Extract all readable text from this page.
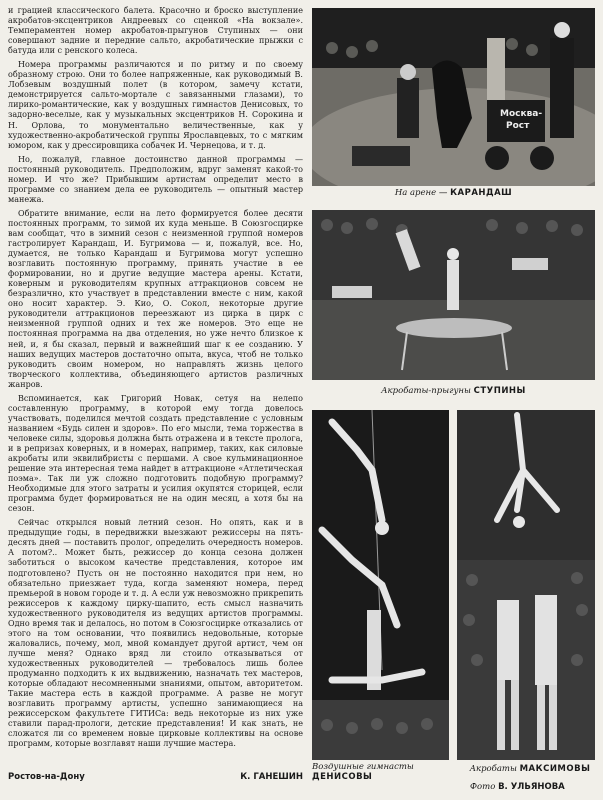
и грацией классического балета. Красочно и броско выступление акробатов-эксцентриков Андреевых со сценкой «На вокзале». Темпераментен номер акробатов-прыгунов Ступиных — они совершают задние и передние сальто, акробатические прыжки с батуда или с ренского колеса.

Номера программы различаются и по ритму и по своему образному строю. Они то более напряженные, как руководимый В. Лобзевым воздушный полет (в котором, замечу кстати, демонстрируется сальто-мортале с завязанными глазами), то лирико-романтические, как у воздушных гимнастов Денисовых, то задорно-веселые, как у музыкальных эксцентриков Н. Сорокина и Н. Орлова, то монументально величественные, как у художественно-акробатической группы Ярославцевых, то с мягким юмором, как у дрессировщика собачек И. Чернецова, и т. д.

Но, пожалуй, главное достоинство данной программы — постоянный руководитель. Предположим, вдруг заменят какой-то номер. И что же? Прибывшим артистам определит место в программе со знанием дела ее руководитель — опытный мастер манежа.

Обратите внимание, если на лето формируется более десяти постоянных программ, то зимой их куда меньше. В Союзгосцирке вам сообщат, что в зимний сезон с неизменной группой номеров гастролирует Карандаш, И. Бугримова — и, пожалуй, все. Но, думается, не только Карандаш и Бугримова могут успешно возглавить постоянную программу, принять участие в ее формировании, но и другие ведущие мастера арены. Кстати, коверным и руководителям крупных аттракционов совсем не безразлично, кто участвует в представлении вместе с ним, какой оно носит характер. Э. Кио, О. Сокол, некоторые другие руководители аттракционов переезжают из цирка в цирк с неизменной группой одних и тех же номеров. Это еще не постоянная программа на два отделения, но уже нечто близкое к ней, и, я бы сказал, первый и важнейший шаг к ее созданию. У наших ведущих мастеров достаточно опыта, вкуса, чтоб не только руководить своим номером, но направлять жизнь целого творческого коллектива, объединяющего артистов различных жанров.

Вспоминается, как Григорий Новак, сетуя на нелепо составленную программу, в которой ему тогда довелось участвовать, поделился мечтой создать представление с условным названием «Будь силен и здоров». По его мысли, тема торжества в человеке силы, здоровья должна быть отражена и в тексте пролога, и в репризах коверных, и в номерах, например, таких, как силовые акробаты или эквилибристы с першами. А свое кульминационное решение эта интересная тема найдет в аттракционе «Атлетическая поэма». Так ли уж сложно подготовить подобную программу? Необходимые для этого затраты и усилия окупятся сторицей, если программа будет формироваться не на один месяц, а хотя бы на сезон.

Сейчас открылся новый летний сезон. Но опять, как и в предыдущие годы, в передвижки выезжают режиссеры на пять-десять дней — поставить пролог, определить очередность номеров. А потом?.. Может быть, режиссер до конца сезона должен заботиться о высоком качестве представления, которое им подготовлено? Пусть он не постоянно находится при нем, но обязательно приезжает туда, когда заменяют номера, перед премьерой в новом городе и т. д. А если уж невозможно прикрепить режиссеров к каждому цирку-шапито, есть смысл назначить художественного руководителя из ведущих артистов программы. Одно время так и делалось, но потом в Союзгосцирке отказались от этого на том основании, что появились недовольные, которые жаловались, почему, мол, мной командует другой артист, чем он лучше меня? Однако вряд ли стоило отказываться от художественных руководителей — требовалось лишь более продуманно подходить к их выдвижению, назначать тех мастеров, которые обладают несомненными знаниями, опытом, авторитетом. Такие мастера есть в каждой программе. А разве не могут возглавить программу артисты, успешно занимающиеся на режиссерском факультете ГИТИСа: ведь некоторые из них уже ставили парад-прологи, детские представления! И как знать, не сложатся ли со временем новые цирковые коллективы на основе программ, которые возглавят наши лучшие мастера.

Ростов-на-Дону	К. ГАНЕШИН
Москва-
Рост
На арене — КАРАНДАШ
Акробаты-прыгуны СТУПИНЫ
Воздушные гимнасты
ДЕНИСОВЫ
Акробаты МАКСИМОВЫ
Фото В. УЛЬЯНОВА
